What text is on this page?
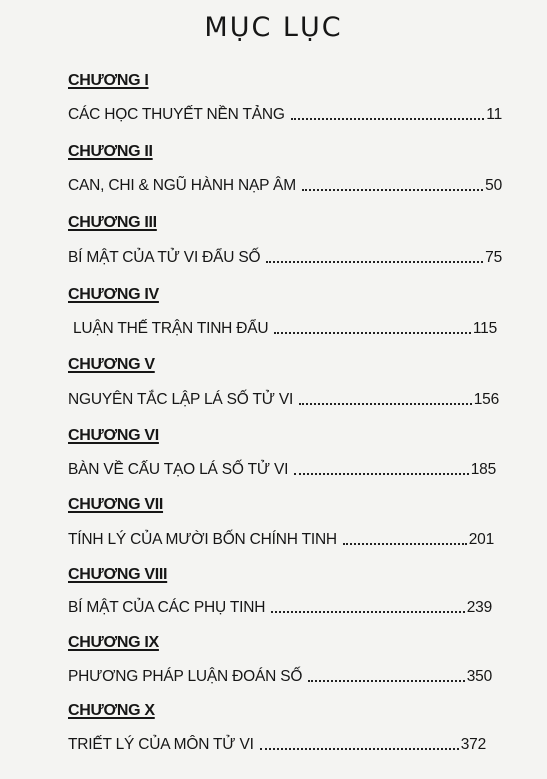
MỤC LỤC
CHƯƠNG I
CÁC HỌC THUYẾT NỀN TẢNG	11
CHƯƠNG II
CAN, CHI & NGŨ HÀNH NẠP ÂM	50
CHƯƠNG III
BÍ MẬT CỦA TỬ VI ĐẨU SỐ	75
CHƯƠNG IV
LUẬN THẾ TRẬN TINH ĐẨU	115
CHƯƠNG V
NGUYÊN TẮC LẬP LÁ SỐ TỬ VI	156
CHƯƠNG VI
BÀN VỀ CẤU TẠO LÁ SỐ TỬ VI	185
CHƯƠNG VII
TÍNH LÝ CỦA MƯỜI BỐN CHÍNH TINH	201
CHƯƠNG VIII
BÍ MẬT CỦA CÁC PHỤ TINH	239
CHƯƠNG IX
PHƯƠNG PHÁP LUẬN ĐOÁN SỐ	350
CHƯƠNG X
TRIẾT LÝ CỦA MÔN TỬ VI	372
